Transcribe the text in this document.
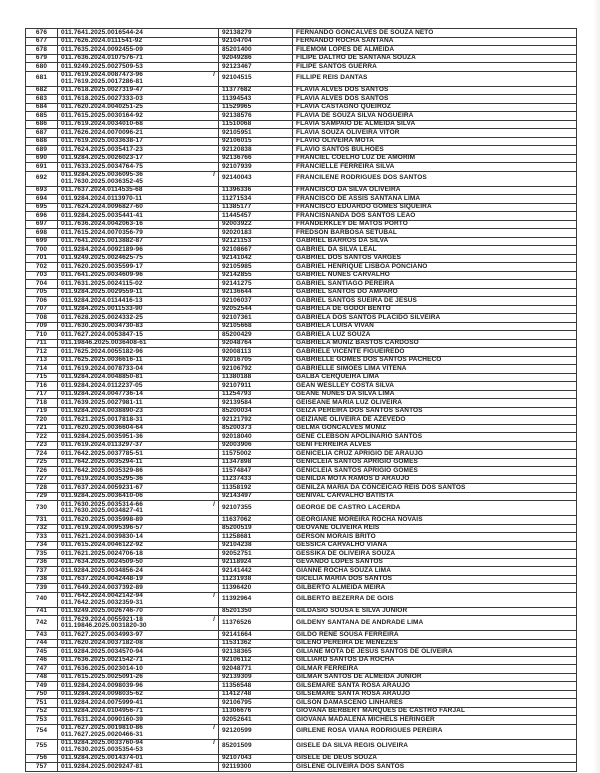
676	011.7641.2025.0016544-24	92138279	FERNANDO GONCALVES DE SOUZA NETO
677	011.7626.2024.0111541-92	92104704	FERNANDO ROCHA SANTANA
678	011.7635.2024.0092455-09	85201400	FILEMOM LOPES DE ALMEIDA
679	011.7636.2024.0107576-71	92049286	FILIPE DALTRO DE SANTANA SOUZA
680	011.9249.2025.0027509-53	92123467	FILIPE SANTOS GUERRA
681	011.7619.2024.0087473-96 /
011.7619.2025.0017286-81	92104515	FILLIPE REIS DANTAS
682	011.7618.2025.0027319-47	11377682	FLAVIA ALVES DOS SANTOS
683	011.7618.2025.0027333-03	11394543	FLAVIA ALVES DOS SANTOS
684	011.7620.2024.0040251-25	11529965	FLAVIA CASTAGNO QUEIROZ
685	011.7615.2025.0030164-92	92138576	FLAVIA DE SOUZA SILVA NOGUEIRA
686	011.7619.2024.0034010-68	11510068	FLAVIA SAMPAIO DE ALMEIDA SILVA
687	011.7626.2024.0070096-21	92105951	FLAVIA SOUZA OLIVEIRA VITOR
688	011.7619.2025.0033638-17	92106015	FLAVIO OLIVEIRA MOTA
689	011.7624.2025.0035417-23	92120838	FLAVIO SANTOS BULHOES
690	011.9284.2025.0026023-17	92136766	FRANCIEL COELHO LUZ DE AMORIM
691	011.7633.2025.0034764-75	92107939	FRANCIELLE FERREIRA SILVA
692	011.9284.2025.0036095-36 /
011.7630.2025.0036352-45	92140043	FRANCILENE RODRIGUES DOS SANTOS
693	011.7637.2024.0114535-68	11396336	FRANCISCO DA SILVA OLIVEIRA
694	011.9284.2024.0113970-11	11271534	FRANCISCO DE ASSIS SANTANA LIMA
695	011.7624.2024.0096827-60	11385177	FRANCISCO EDUARDO GOMES SIQUEIRA
696	011.9284.2025.0035441-41	11445457	FRANCISNANDA DOS SANTOS LEAO
697	011.7636.2024.0042063-16	92003922	FRANDERKLEY DE MATOS PORTO
698	011.7615.2024.0070356-79	92020183	FREDSON BARBOSA SETUBAL
699	011.7641.2025.0013882-87	92121153	GABRIEL BARROS DA SILVA
700	011.9284.2024.0092189-96	92108667	GABRIEL DA SILVA LEAL
701	011.9249.2025.0024625-75	92141042	GABRIEL DOS SANTOS VARGES
702	011.7620.2025.0035599-17	92105985	GABRIEL HENRIQUE LISBOA PONCIANO
703	011.7641.2025.0034609-96	92142855	GABRIEL NUNES CARVALHO
704	011.7631.2025.0024115-02	92141275	GABRIEL SANTIAGO PEREIRA
705	011.9284.2025.0029559-11	92136644	GABRIEL SANTOS DO AMPARO
706	011.9284.2024.0114416-13	92106037	GABRIEL SANTOS SUEIRA DE JESUS
707	011.9284.2025.0011533-90	92052544	GABRIELA DE GODOI BENTO
708	011.7628.2025.0024332-25	92107361	GABRIELA DOS SANTOS PLACIDO SILVEIRA
709	011.7630.2025.0034730-83	92105668	GABRIELA LUISA VIVAN
710	011.7627.2024.0053847-15	85200429	GABRIELA LUZ SOUZA
711	011.19846.2025.0036408-61	92048764	GABRIELA MUNIZ BASTOS CARDOSO
712	011.7625.2024.0055182-96	92008113	GABRIELE VICENTE FIGUEIREDO
713	011.7625.2025.0036616-11	92016705	GABRIELLE GOMES DOS SANTOS PACHECO
714	011.7619.2024.0078733-04	92106792	GABRIELLE SIMOES LIMA VITENA
715	011.9284.2024.0048850-81	11380188	GALBA CERQUEIRA LIMA
716	011.9284.2024.0112237-05	92107911	GEAN WESLLEY COSTA SILVA
717	011.9284.2024.0047736-14	11254793	GEANE NUNES DA SILVA LIMA
718	011.7639.2025.0027981-11	92139584	GEISEANE MARIA LUZ OLIVEIRA
719	011.9284.2024.0038890-23	85200034	GEIZA PEREIRA DOS SANTOS SANTOS
720	011.7621.2025.0017818-31	92121792	GEIZIANE OLIVEIRA DE AZEVEDO
721	011.7620.2025.0036604-64	85200373	GELMA GONCALVES MUNIZ
722	011.9284.2025.0035951-36	92018040	GENE CLEBSON APOLINARIO SANTOS
723	011.7619.2024.0113297-37	92003906	GENI FERREIRA ALVES
724	011.7642.2025.0037785-51	11575002	GENICELIA CRUZ APRIGIO DE ARAUJO
725	011.7642.2025.0035294-11	11347898	GENICLEIA SANTOS APRIGIO GOMES
726	011.7642.2025.0035329-86	11574847	GENICLEIA SANTOS APRIGIO GOMES
727	011.7619.2024.0035295-36	11237433	GENILDA MOTA RAMOS D ARAUJO
728	011.7637.2024.0059231-67	11358192	GENILZA MARIA DA CONCEICAO REIS DOS SANTOS
729	011.9284.2025.0036410-06	92143497	GENIVAL CARVALHO BATISTA
730	011.7630.2025.0035314-66 /
011.7630.2025.0034827-41	92107355	GEORGE DE CASTRO LACERDA
731	011.7620.2025.0035998-89	11637062	GEORGIANE MOREIRA ROCHA NOVAIS
732	011.7619.2024.0095396-57	85200519	GEOVANE OLIVEIRA REIS
733	011.7621.2024.0039830-14	11258681	GERSON MORAIS BRITO
734	011.7615.2024.0046122-92	92104238	GESSICA CARVALHO VIANA
735	011.7621.2025.0024706-18	92052751	GESSIKA DE OLIVEIRA SOUZA
736	011.7634.2025.0024509-50	92118924	GEVANDO LOPES SANTOS
737	011.9284.2025.0034856-24	92141442	GIANNE ROCHA SOUZA LIMA
738	011.7637.2024.0042448-19	11231938	GICELIA MARIA DOS SANTOS
739	011.7649.2024.0037392-89	11396420	GILBERTO ALMEIDA MEIRA
740	011.7642.2024.0042142-94 /
011.7642.2025.0032359-31	11392964	GILBERTO BEZERRA DE GOIS
741	011.9249.2025.0026746-70	85201350	GILDASIO SOUSA E SILVA JUNIOR
742	011.7629.2024.0055921-18 /
011.19846.2025.0031820-30	11376526	GILDENY SANTANA DE ANDRADE LIMA
743	011.7627.2025.0034993-97	92141664	GILDO RENE SOUSA FERREIRA
744	011.7620.2024.0037182-08	11531362	GILENO PEREIRA DE MENEZES
745	011.9284.2025.0034570-94	92138365	GILIANE MOTA DE JESUS SANTOS DE OLIVEIRA
746	011.7636.2025.0021542-71	92106112	GILLIARD SANTOS DA ROCHA
747	011.7636.2025.0023014-10	92048771	GILMAR FERREIRA
748	011.7615.2025.0025091-26	92139309	GILMAR SANTOS DE ALMEIDA JUNIOR
749	011.9284.2024.0098039-96	11356548	GILSEMARE SANTA ROSA ARAUJO
750	011.9284.2024.0098035-62	11412748	GILSEMARE SANTA ROSA ARAUJO
751	011.9284.2024.0075999-41	92106795	GILSON DAMASCENO LINHARES
752	011.9284.2024.0104956-71	11306676	GIOVANA BERBERT MARQUES DE CASTRO FARJAL
753	011.7631.2024.0090160-39	92052641	GIOVANA MADALENA MICHELS HERINGER
754	011.7627.2025.0019810-86 /
011.7627.2025.0020466-31	92120599	GIRLENE ROSA VIANA RODRIGUES PEREIRA
755	011.9284.2025.0033760-94 /
011.7630.2025.0035354-53	85201509	GISELE DA SILVA REGIS OLIVEIRA
756	011.9284.2025.0014374-01	92107043	GISELE DE DEUS SOUZA
757	011.9284.2025.0029247-81	92119300	GISLENE OLIVEIRA DOS SANTOS
